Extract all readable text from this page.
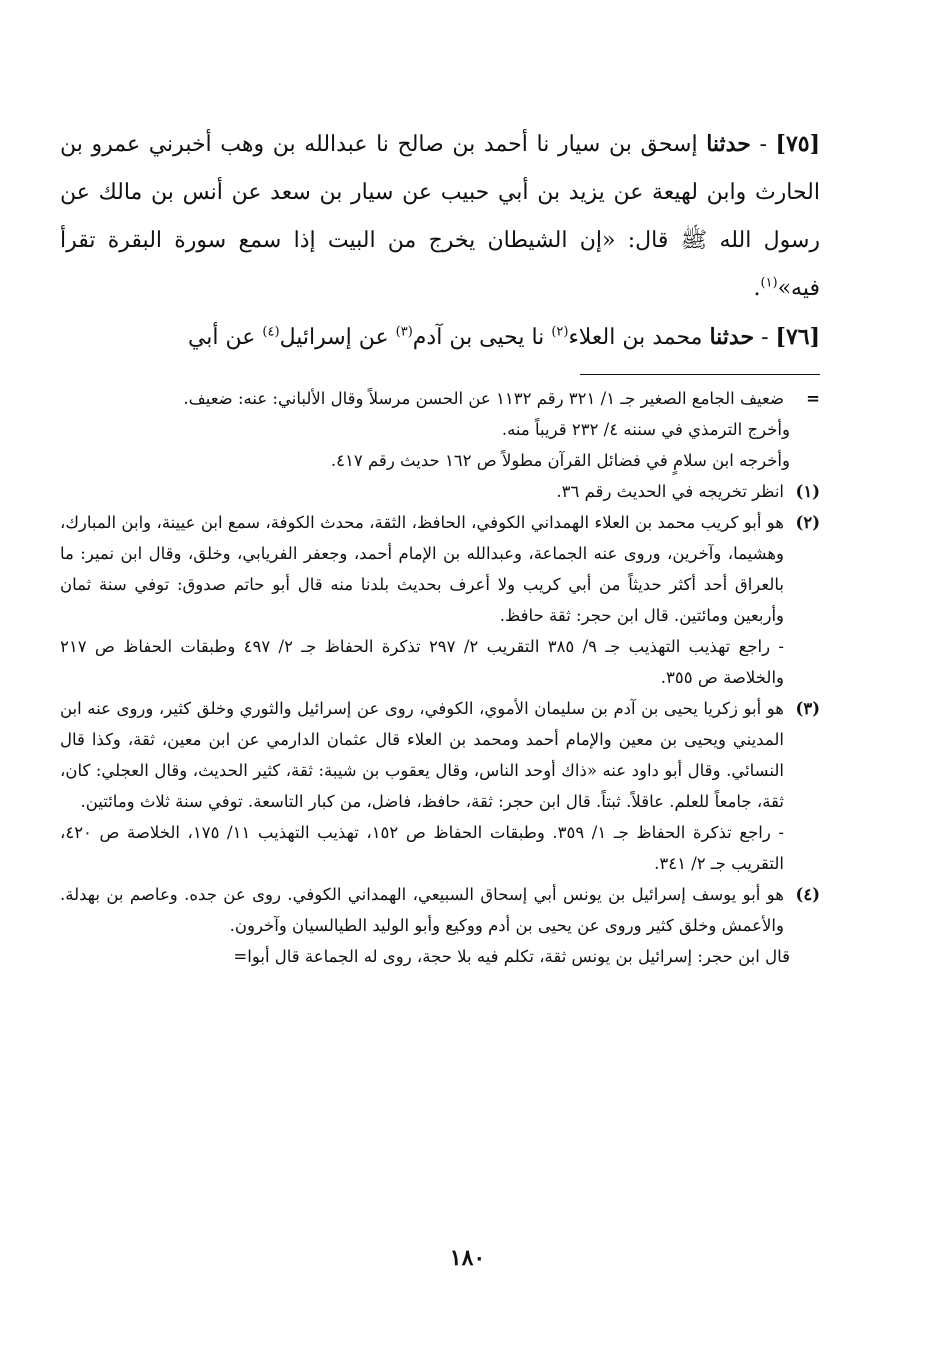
[٧٥] - حدثنا إسحق بن سيار نا أحمد بن صالح نا عبدالله بن وهب أخبرني عمرو بن الحارث وابن لهيعة عن يزيد بن أبي حبيب عن سيار بن سعد عن أنس بن مالك عن رسول الله ﷺ قال: «إن الشيطان يخرج من البيت إذا سمع سورة البقرة تقرأ فيه»$^{(١)}$.

[٧٦] - حدثنا محمد بن العلاء$^{(٢)}$ نا يحيى بن آدم$^{(٣)}$ عن إسرائيل$^{(٤)}$ عن أبي

=
ضعيف الجامع الصغير جـ ١/ ٣٢١ رقم ١١٣٢ عن الحسن مرسلاً وقال الألباني: عنه: ضعيف.

وأخرج الترمذي في سننه ٤/ ٢٣٢ قريباً منه.

وأخرجه ابن سلامٍ في فضائل القرآن مطولاً ص ١٦٢ حديث رقم ٤١٧.

(١)
انظر تخريجه في الحديث رقم ٣٦.

(٢)
هو أبو كريب محمد بن العلاء الهمداني الكوفي، الحافظ، الثقة، محدث الكوفة، سمع ابن عيينة، وابن المبارك، وهشيما، وآخرين، وروى عنه الجماعة، وعبدالله بن الإمام أحمد، وجعفر الفريابي، وخلق، وقال ابن نمير: ما بالعراق أحد أكثر حديثاً من أبي كريب ولا أعرف بحديث بلدنا منه قال أبو حاتم صدوق: توفي سنة ثمان وأربعين ومائتين. قال ابن حجر: ثقة حافظ.

- راجع تهذيب التهذيب جـ ٩/ ٣٨٥ التقريب ٢/ ٢٩٧ تذكرة الحفاظ جـ ٢/ ٤٩٧ وطبقات الحفاظ ص ٢١٧ والخلاصة ص ٣٥٥.

(٣)
هو أبو زكريا يحيى بن آدم بن سليمان الأموي، الكوفي، روى عن إسرائيل والثوري وخلق كثير، وروى عنه ابن المديني ويحيى بن معين والإمام أحمد ومحمد بن العلاء قال عثمان الدارمي عن ابن معين، ثقة، وكذا قال النسائي. وقال أبو داود عنه «ذاك أوحد الناس، وقال يعقوب بن شيبة: ثقة، كثير الحديث، وقال العجلي: كان، ثقة، جامعاً للعلم. عاقلاً. ثبتاً. قال ابن حجر: ثقة، حافظ، فاضل، من كبار التاسعة. توفي سنة ثلاث ومائتين.

- راجع تذكرة الحفاظ جـ ١/ ٣٥٩. وطبقات الحفاظ ص ١٥٢، تهذيب التهذيب ١١/ ١٧٥، الخلاصة ص ٤٢٠، التقريب جـ ٢/ ٣٤١.

(٤)
هو أبو يوسف إسرائيل بن يونس أبي إسحاق السبيعي، الهمداني الكوفي. روى عن جده. وعاصم بن بهدلة. والأعمش وخلق كثير وروى عن يحيى بن أدم ووكيع وأبو الوليد الطيالسيان وآخرون.

قال ابن حجر: إسرائيل بن يونس ثقة، تكلم فيه بلا حجة، روى له الجماعة قال أبوا=

١٨٠
